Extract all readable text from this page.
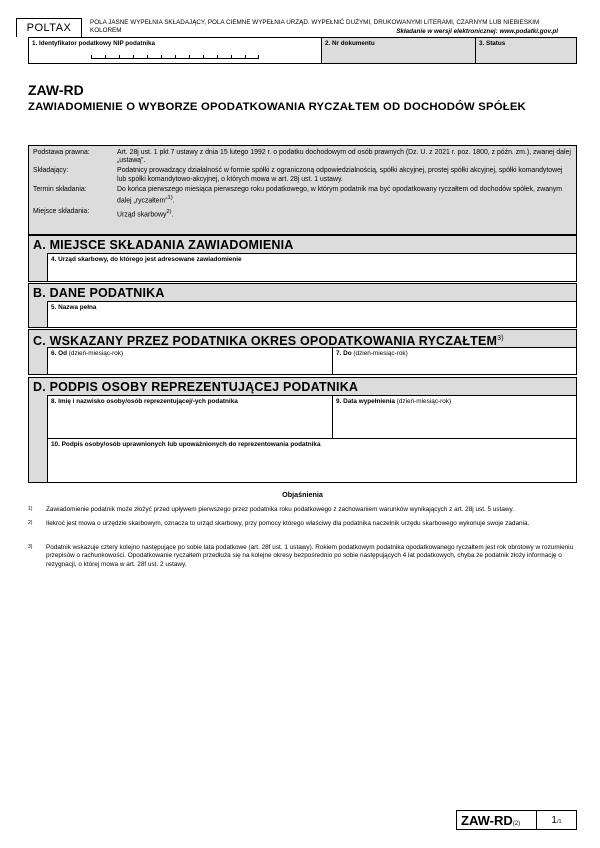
POLTAX	POLA JASNE WYPEŁNIA SKŁADAJĄCY, POLA CIEMNE WYPEŁNIA URZĄD. WYPEŁNIĆ DUŻYMI, DRUKOWANYMI LITERAMI, CZARNYM LUB NIEBIESKIM KOLOREM	Składanie w wersji elektronicznej: www.podatki.gov.pl
1. Identyfikator podatkowy NIP podatnika	2. Nr dokumentu	3. Status
ZAW-RD
ZAWIADOMIENIE O WYBORZE OPODATKOWANIA RYCZAŁTEM OD DOCHODÓW SPÓŁEK
Podstawa prawna:	Art. 28j ust. 1 pkt 7 ustawy z dnia 15 lutego 1992 r. o podatku dochodowym od osób prawnych (Dz. U. z 2021 r. poz. 1800, z późn. zm.), zwanej dalej „ustawą”.
Składający:	Podatnicy prowadzący działalność w formie spółki z ograniczoną odpowiedzialnością, spółki akcyjnej, prostej spółki akcyjnej, spółki komandytowej lub spółki komandytowo-akcyjnej, o których mowa w art. 28j ust. 1 ustawy.
Termin składania:	Do końca pierwszego miesiąca pierwszego roku podatkowego, w którym podatnik ma być opodatkowany ryczałtem od dochodów spółek, zwanym dalej „ryczałtem”$^{1)}$.
Miejsce składania:	Urząd skarbowy$^{2)}$.
A. MIEJSCE SKŁADANIA ZAWIADOMIENIA
4. Urząd skarbowy, do którego jest adresowane zawiadomienie
B. DANE PODATNIKA
5. Nazwa pełna
C. WSKAZANY PRZEZ PODATNIKA OKRES OPODATKOWANIA RYCZAŁTEM$^{3)}$
6. Od (dzień-miesiąc-rok)	7. Do (dzień-miesiąc-rok)
D. PODPIS OSOBY REPREZENTUJĄCEJ PODATNIKA
8. Imię i nazwisko osoby/osób reprezentującej/-ych podatnika	9. Data wypełnienia (dzień-miesiąc-rok)
10. Podpis osoby/osób uprawnionych lub upoważnionych do reprezentowania podatnika
Objaśnienia
1)	Zawiadomienie podatnik może złożyć przed upływem pierwszego przez podatnika roku podatkowego z zachowaniem warunków wynikających z art. 28j ust. 5 ustawy.
2)	Ilekroć jest mowa o urzędzie skarbowym, oznacza to urząd skarbowy, przy pomocy którego właściwy dla podatnika naczelnik urzędu skarbowego wykonuje swoje zadania.
3)	Podatnik wskazuje cztery kolejno następujące po sobie lata podatkowe (art. 28f ust. 1 ustawy). Rokiem podatkowym podatnika opodatkowanego ryczałtem jest rok obrotowy w rozumieniu przepisów o rachunkowości. Opodatkowanie ryczałtem przedłuża się na kolejne okresy bezpośrednio po sobie następujących 4 lat podatkowych, chyba że podatnik złoży informację o rezygnacji, o której mowa w art. 28f ust. 2 ustawy.
ZAW-RD(2)	1/1
